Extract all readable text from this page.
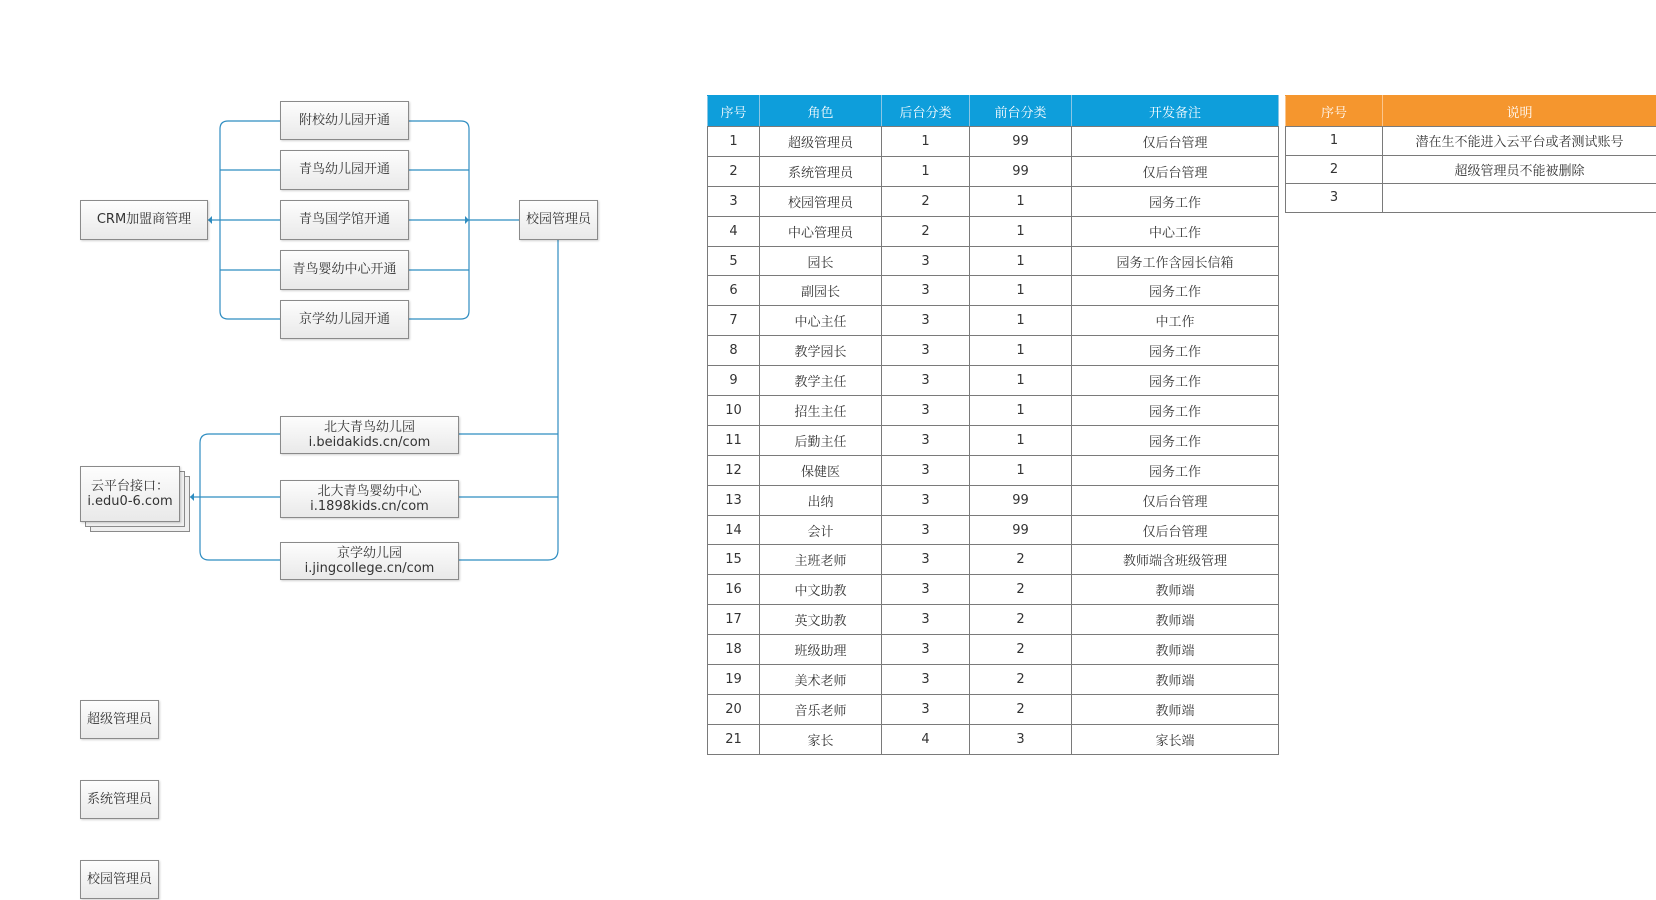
CRM加盟商管理
附校幼儿园开通
青鸟幼儿园开通
青鸟国学馆开通
青鸟婴幼中心开通
京学幼儿园开通
校园管理员
云平台接口：
i.edu0-6.com
北大青鸟幼儿园
i.beidakids.cn/com
北大青鸟婴幼中心
i.1898kids.cn/com
京学幼儿园
i.jingcollege.cn/com
超级管理员
系统管理员
校园管理员
序号	角色	后台分类	前台分类	开发备注
1	超级管理员	1	99	仅后台管理
2	系统管理员	1	99	仅后台管理
3	校园管理员	2	1	园务工作
4	中心管理员	2	1	中心工作
5	园长	3	1	园务工作含园长信箱
6	副园长	3	1	园务工作
7	中心主任	3	1	中工作
8	教学园长	3	1	园务工作
9	教学主任	3	1	园务工作
10	招生主任	3	1	园务工作
11	后勤主任	3	1	园务工作
12	保健医	3	1	园务工作
13	出纳	3	99	仅后台管理
14	会计	3	99	仅后台管理
15	主班老师	3	2	教师端含班级管理
16	中文助教	3	2	教师端
17	英文助教	3	2	教师端
18	班级助理	3	2	教师端
19	美术老师	3	2	教师端
20	音乐老师	3	2	教师端
21	家长	4	3	家长端
序号	说明
1	潜在生不能进入云平台或者测试账号
2	超级管理员不能被删除
3	
